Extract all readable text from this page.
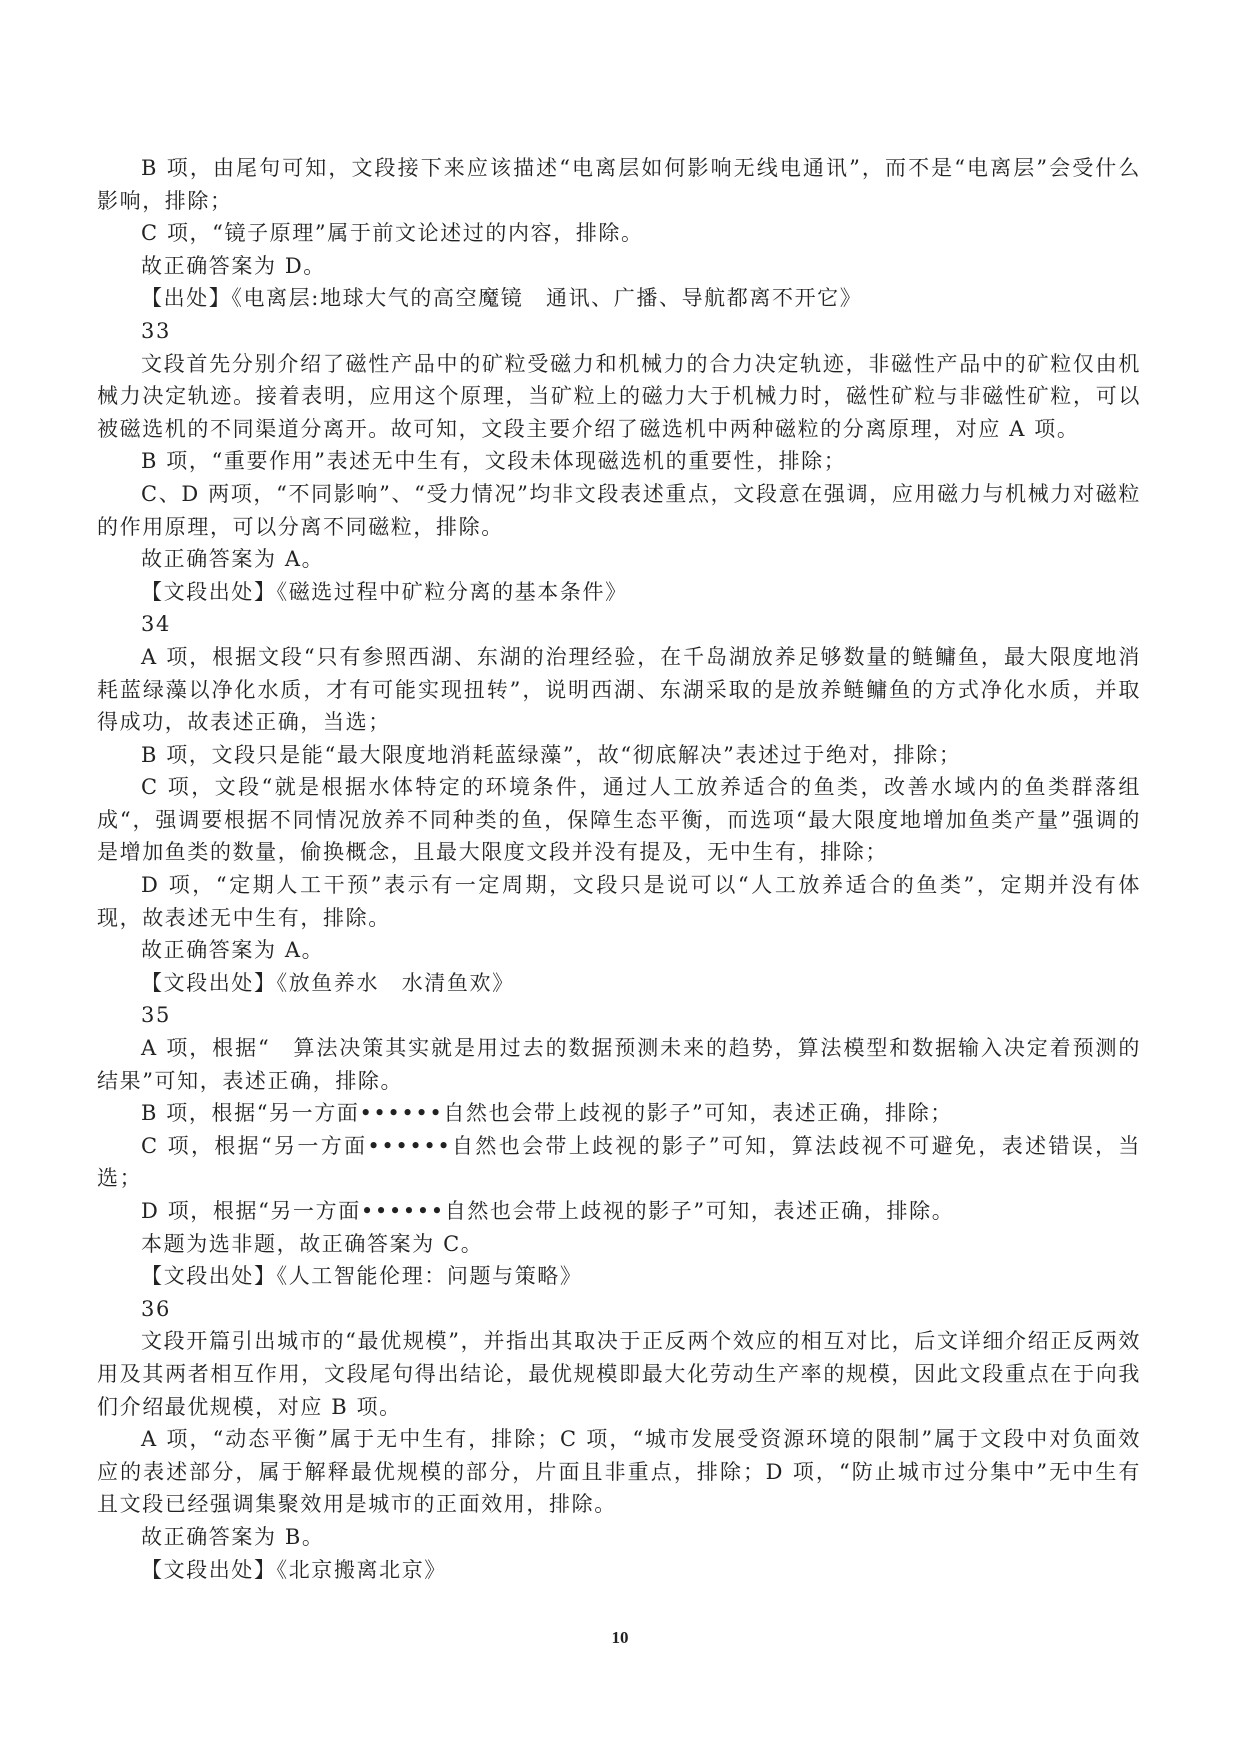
B 项，由尾句可知，文段接下来应该描述“电离层如何影响无线电通讯”，而不是“电离层”会受什么影响，排除；

C 项，“镜子原理”属于前文论述过的内容，排除。

故正确答案为 D。

【出处】《电离层:地球大气的高空魔镜　通讯、广播、导航都离不开它》

33

文段首先分别介绍了磁性产品中的矿粒受磁力和机械力的合力决定轨迹，非磁性产品中的矿粒仅由机械力决定轨迹。接着表明，应用这个原理，当矿粒上的磁力大于机械力时，磁性矿粒与非磁性矿粒，可以被磁选机的不同渠道分离开。故可知，文段主要介绍了磁选机中两种磁粒的分离原理，对应 A 项。

B 项，“重要作用”表述无中生有，文段未体现磁选机的重要性，排除；

C、D 两项，“不同影响”、“受力情况”均非文段表述重点，文段意在强调，应用磁力与机械力对磁粒的作用原理，可以分离不同磁粒，排除。

故正确答案为 A。

【文段出处】《磁选过程中矿粒分离的基本条件》

34

A 项，根据文段“只有参照西湖、东湖的治理经验，在千岛湖放养足够数量的鲢鳙鱼，最大限度地消耗蓝绿藻以净化水质，才有可能实现扭转”，说明西湖、东湖采取的是放养鲢鳙鱼的方式净化水质，并取得成功，故表述正确，当选；

B 项，文段只是能“最大限度地消耗蓝绿藻”，故“彻底解决”表述过于绝对，排除；

C 项，文段“就是根据水体特定的环境条件，通过人工放养适合的鱼类，改善水域内的鱼类群落组成“，强调要根据不同情况放养不同种类的鱼，保障生态平衡，而选项“最大限度地增加鱼类产量”强调的是增加鱼类的数量，偷换概念，且最大限度文段并没有提及，无中生有，排除；

D 项，“定期人工干预”表示有一定周期，文段只是说可以“人工放养适合的鱼类”，定期并没有体现，故表述无中生有，排除。

故正确答案为 A。

【文段出处】《放鱼养水　水清鱼欢》

35

A 项，根据“　算法决策其实就是用过去的数据预测未来的趋势，算法模型和数据输入决定着预测的结果”可知，表述正确，排除。

B 项，根据“另一方面••••••自然也会带上歧视的影子”可知，表述正确，排除；

C 项，根据“另一方面••••••自然也会带上歧视的影子”可知，算法歧视不可避免，表述错误，当选；

D 项，根据“另一方面••••••自然也会带上歧视的影子”可知，表述正确，排除。

本题为选非题，故正确答案为 C。

【文段出处】《人工智能伦理：问题与策略》

36

文段开篇引出城市的“最优规模”，并指出其取决于正反两个效应的相互对比，后文详细介绍正反两效用及其两者相互作用，文段尾句得出结论，最优规模即最大化劳动生产率的规模，因此文段重点在于向我们介绍最优规模，对应 B 项。

A 项，“动态平衡”属于无中生有，排除；C 项，“城市发展受资源环境的限制”属于文段中对负面效应的表述部分，属于解释最优规模的部分，片面且非重点，排除；D 项，“防止城市过分集中”无中生有且文段已经强调集聚效用是城市的正面效用，排除。

故正确答案为 B。

【文段出处】《北京搬离北京》

10
